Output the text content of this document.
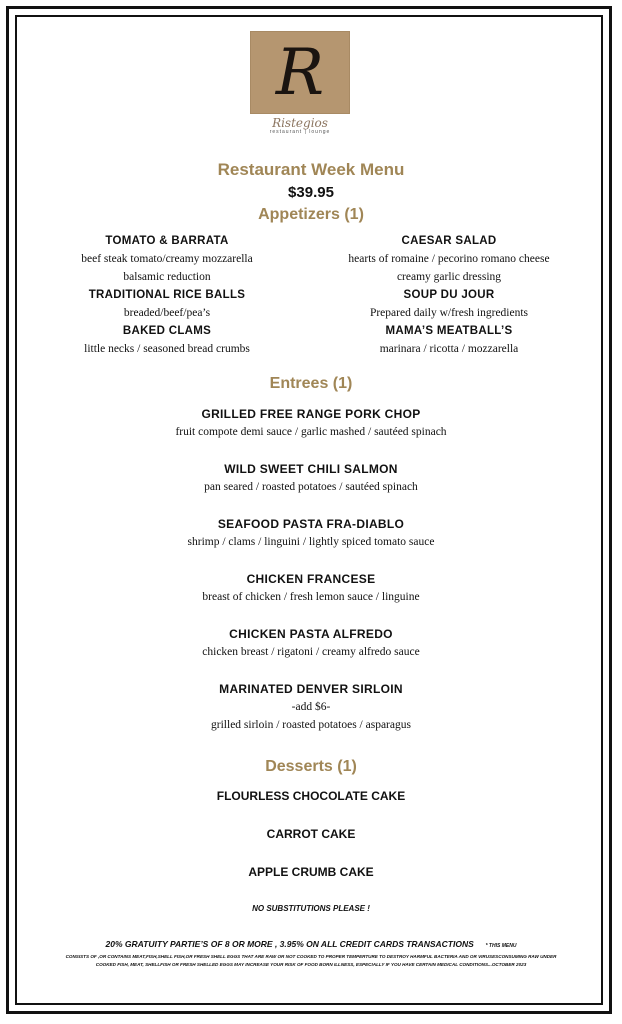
R
Ristegios
restaurant | lounge
Restaurant Week Menu
$39.95
Appetizers (1)
TOMATO & BARRATA
beef steak tomato/creamy mozzarella
balsamic reduction
TRADITIONAL RICE BALLS
breaded/beef/pea’s
BAKED CLAMS
little necks / seasoned bread crumbs
CAESAR SALAD
hearts of romaine / pecorino romano cheese
creamy garlic dressing
SOUP DU JOUR
Prepared daily w/fresh ingredients
MAMA’S MEATBALL’S
marinara / ricotta / mozzarella
Entrees (1)
GRILLED FREE RANGE PORK CHOP
fruit compote demi sauce / garlic mashed / sautéed spinach
WILD SWEET CHILI SALMON
pan seared / roasted potatoes / sautéed spinach
SEAFOOD PASTA FRA-DIABLO
shrimp / clams / linguini / lightly spiced tomato sauce
CHICKEN FRANCESE
breast of chicken / fresh lemon sauce / linguine
CHICKEN PASTA ALFREDO
chicken breast / rigatoni / creamy alfredo sauce
MARINATED DENVER SIRLOIN
-add $6-
grilled sirloin / roasted potatoes / asparagus
Desserts (1)
FLOURLESS CHOCOLATE CAKE
CARROT CAKE
APPLE CRUMB CAKE
NO SUBSTITUTIONS PLEASE !
20% GRATUITY PARTIE’S OF 8 OR MORE , 3.95% ON ALL CREDIT CARDS TRANSACTIONS * THIS MENU
CONSISTS OF ,OR CONTAINS MEAT,FISH,SHELL FISH,OR FRESH SHELL EGGS THAT ARE RAW OR NOT COOKED TO PROPER TEMPERTURE TO DESTROY HARMFUL BACTERIA AND OR VIRUSESCONSUMING RAW UNDER COOKED FISH, MEAT, SHELLFISH OR FRESH SHELLED EGGS MAY INCREASE YOUR RISK OF FOOD BORN ILLNESS, ESPECIALLY IF YOU HAVE CERTAIN MEDICAL CONDITIONS...OCTOBER 2023
